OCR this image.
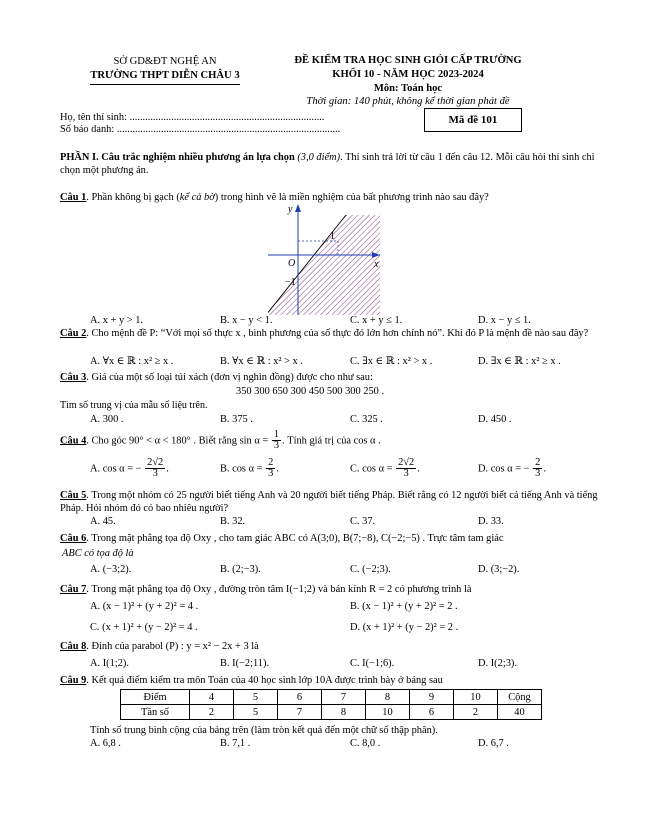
SỞ GD&ĐT NGHỆ AN
TRƯỜNG THPT DIỄN CHÂU 3
ĐỀ KIỂM TRA HỌC SINH GIỎI CẤP TRƯỜNG
KHỐI 10 - NĂM HỌC 2023-2024
Môn: Toán học
Thời gian: 140 phút, không kể thời gian phát đề
Họ, tên thí sinh: ...........................................................................
Số báo danh: ......................................................................................
Mã đề 101
PHẦN I. Câu trắc nghiệm nhiều phương án lựa chọn (3,0 điểm). Thí sinh trả lời từ câu 1 đến câu 12. Mỗi câu hỏi thí sinh chỉ chọn một phương án.
Câu 1. Phần không bị gạch (kể cả bờ) trong hình vẽ là miền nghiệm của bất phương trình nào sau đây?
y
x
O
1
−1
A. x + y > 1.	B. x − y < 1.	C. x + y ≤ 1.	D. x − y ≤ 1.
Câu 2. Cho mệnh đề P: “Với mọi số thực x , bình phương của số thực đó lớn hơn chính nó”. Khi đó P là mệnh đề nào sau đây?
A. ∀x ∈ ℝ : x² ≥ x .	B. ∀x ∈ ℝ : x² > x .	C. ∃x ∈ ℝ : x² > x .	D. ∃x ∈ ℝ : x² ≥ x .
Câu 3. Giá của một số loại túi xách (đơn vị nghìn đồng) được cho như sau:
350 300 650 300 450 500 300 250 .
Tìm số trung vị của mẫu số liệu trên.
A. 300 .	B. 375 .	C. 325 .	D. 450 .
Câu 4. Cho góc 90° < α < 180° . Biết rằng $\sin \alpha = \frac{1}{3}$ . Tính giá trị của cos α .
A. cos α = − $\frac{2√2}{3}$ .	B. $\cos \alpha = \frac{2}{3}$ .	C. $\cos \alpha = \frac{2√2}{3}$ .	D. cos α = − $\frac{2}{3}$ .
Câu 5. Trong một nhóm có 25 người biết tiếng Anh và 20 người biết tiếng Pháp. Biết rằng có 12 người biết cả tiếng Anh và tiếng Pháp. Hỏi nhóm đó có bao nhiêu người?
A. 45.	B. 32.	C. 37.	D. 33.
Câu 6. Trong mặt phẳng tọa độ Oxy , cho tam giác ABC có A(3;0), B(7;−8), C(−2;−5) . Trực tâm tam giác
ABC có tọa độ là
A. (−3;2).	B. (2;−3).	C. (−2;3).	D. (3;−2).
Câu 7. Trong mặt phẳng tọa độ Oxy , đường tròn tâm I(−1;2) và bán kính R = 2 có phương trình là
A. (x − 1)² + (y + 2)² = 4 .	B. (x − 1)² + (y + 2)² = 2 .
C. (x + 1)² + (y − 2)² = 4 .	D. (x + 1)² + (y − 2)² = 2 .
Câu 8. Đỉnh của parabol (P) : y = x² − 2x + 3 là
A. I(1;2).	B. I(−2;11).	C. I(−1;6).	D. I(2;3).
Câu 9. Kết quả điểm kiểm tra môn Toán của 40 học sinh lớp 10A được trình bày ở bảng sau
Điểm	4	5	6	7	8	9	10	Cộng
Tần số	2	5	7	8	10	6	2	40
Tính số trung bình cộng của bảng trên (làm tròn kết quả đến một chữ số thập phân).
A. 6,8 .	B. 7,1 .	C. 8,0 .	D. 6,7 .
